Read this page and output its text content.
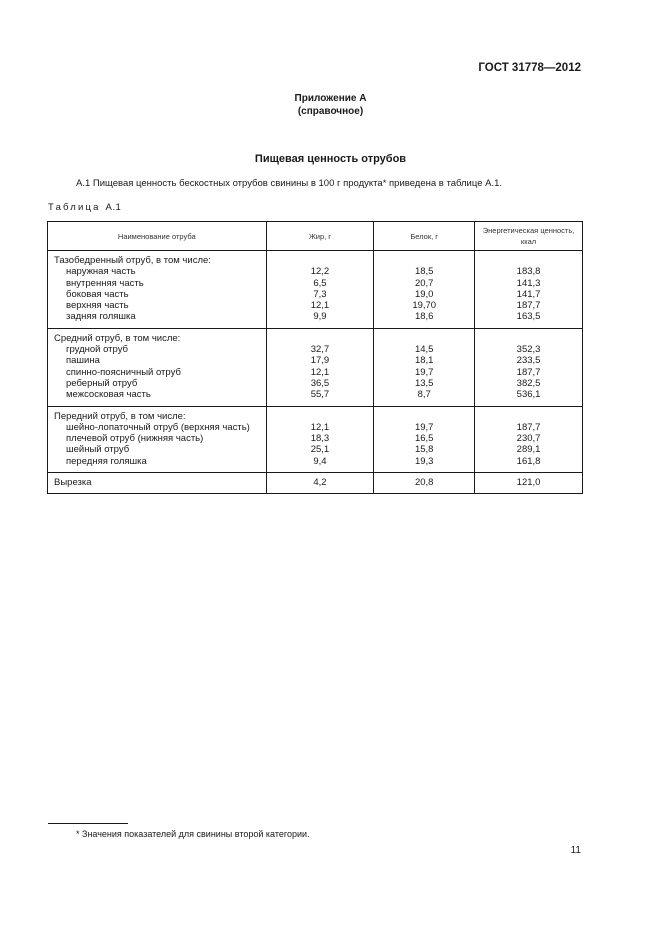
ГОСТ 31778—2012
Приложение А
(справочное)
Пищевая ценность отрубов
А.1 Пищевая ценность бескостных отрубов свинины в 100 г продукта* приведена в таблице А.1.
Таблица А.1
Наименование отруба	Жир, г	Белок, г	Энергетическая ценность, ккал
Тазобедренный отруб, в том числе:			
наружная часть	12,2	18,5	183,8
внутренняя часть	6,5	20,7	141,3
боковая часть	7,3	19,0	141,7
верхняя часть	12,1	19,70	187,7
задняя голяшка	9,9	18,6	163,5
Средний отруб, в том числе:			
грудной отруб	32,7	14,5	352,3
пашина	17,9	18,1	233,5
спинно-поясничный отруб	12,1	19,7	187,7
реберный отруб	36,5	13,5	382,5
межсосковая часть	55,7	8,7	536,1
Передний отруб, в том числе:			
шейно-лопаточный отруб (верхняя часть)	12,1	19,7	187,7
плечевой отруб (нижняя часть)	18,3	16,5	230,7
шейный отруб	25,1	15,8	289,1
передняя голяшка	9,4	19,3	161,8
Вырезка	4,2	20,8	121,0
* Значения показателей для свинины второй категории.
11
